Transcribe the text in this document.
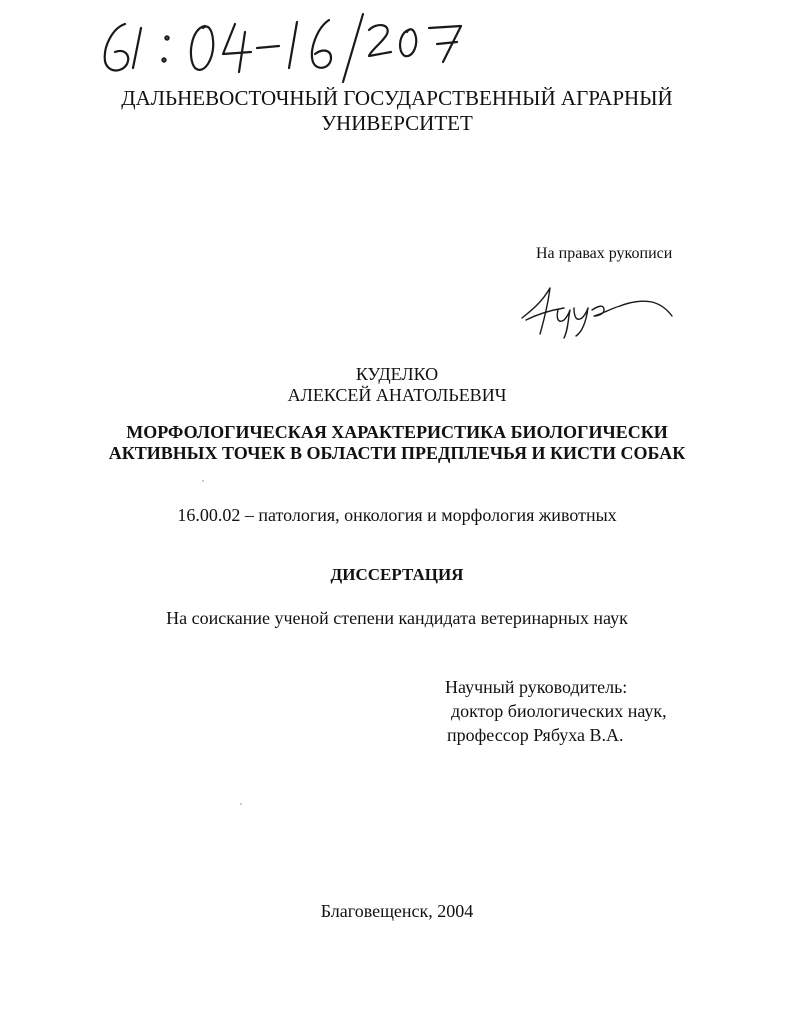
ДАЛЬНЕВОСТОЧНЫЙ ГОСУДАРСТВЕННЫЙ АГРАРНЫЙ
УНИВЕРСИТЕТ
На правах рукописи
КУДЕЛКО
АЛЕКСЕЙ АНАТОЛЬЕВИЧ
МОРФОЛОГИЧЕСКАЯ ХАРАКТЕРИСТИКА БИОЛОГИЧЕСКИ
АКТИВНЫХ ТОЧЕК В ОБЛАСТИ ПРЕДПЛЕЧЬЯ И КИСТИ СОБАК
16.00.02 – патология, онкология и морфология животных
ДИССЕРТАЦИЯ
На соискание ученой степени кандидата ветеринарных наук
Научный руководитель:
доктор биологических наук,
профессор Рябуха В.А.
Благовещенск, 2004
